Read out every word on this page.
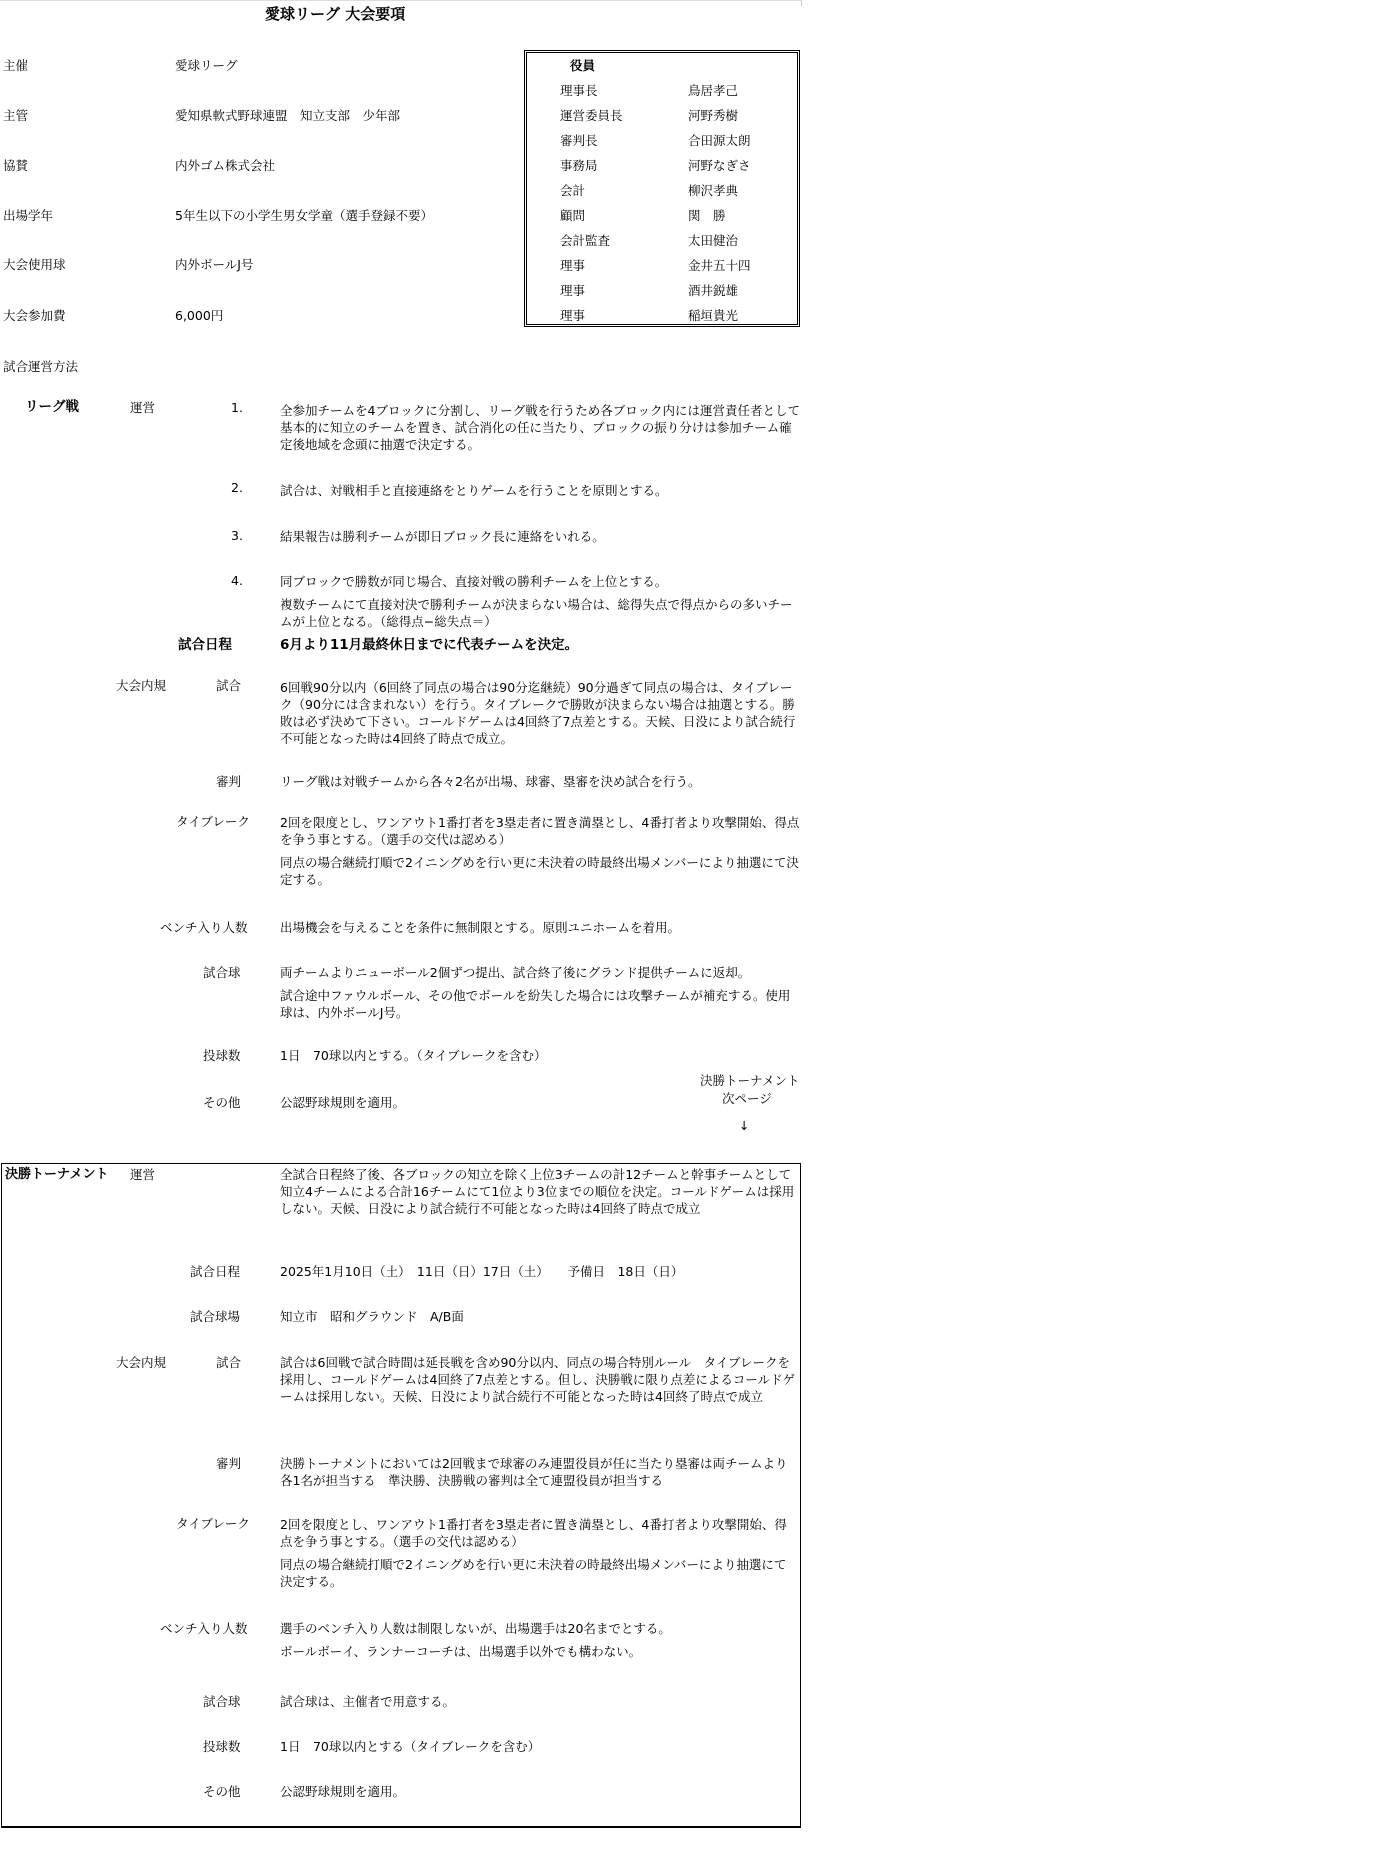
愛球リーグ 大会要項
主催	愛球リーグ
主管	愛知県軟式野球連盟　知立支部　少年部
協賛	内外ゴム株式会社
出場学年	5年生以下の小学生男女学童（選手登録不要）
大会使用球	内外ボールJ号
大会参加費	6,000円
役員
理事長	鳥居孝己
運営委員長	河野秀樹
審判長	合田源太朗
事務局	河野なぎさ
会計	柳沢孝典
顧問	関　勝
会計監査	太田健治
理事	金井五十四
理事	酒井鋭雄
理事	稲垣貴光
試合運営方法
リーグ戦	運営	1.	全参加チームを4ブロックに分割し、リーグ戦を行うため各ブロック内には運営責任者として基本的に知立のチームを置き、試合消化の任に当たり、ブロックの振り分けは参加チーム確定後地域を念頭に抽選で決定する。
2.	試合は、対戦相手と直接連絡をとりゲームを行うことを原則とする。
3.	結果報告は勝利チームが即日ブロック長に連絡をいれる。
4.	同ブロックで勝数が同じ場合、直接対戦の勝利チームを上位とする。
複数チームにて直接対決で勝利チームが決まらない場合は、総得失点で得点からの多いチームが上位となる。（総得点−総失点＝）
試合日程	6月より11月最終休日までに代表チームを決定。
大会内規	試合	6回戦90分以内（6回終了同点の場合は90分迄継続）90分過ぎて同点の場合は、タイブレーク（90分には含まれない）を行う。タイブレークで勝敗が決まらない場合は抽選とする。勝敗は必ず決めて下さい。コールドゲームは4回終了7点差とする。天候、日没により試合続行不可能となった時は4回終了時点で成立。
審判	リーグ戦は対戦チームから各々2名が出場、球審、塁審を決め試合を行う。
タイブレーク 2回を限度とし、ワンアウト1番打者を3塁走者に置き満塁とし、4番打者より攻撃開始、得点を争う事とする。（選手の交代は認める）
同点の場合継続打順で2イニングめを行い更に未決着の時最終出場メンバーにより抽選にて決定する。
ベンチ入り人数	出場機会を与えることを条件に無制限とする。原則ユニホームを着用。
試合球	両チームよりニューボール2個ずつ提出、試合終了後にグランド提供チームに返却。
試合途中ファウルボール、その他でボールを紛失した場合には攻撃チームが補充する。使用球は、内外ボールJ号。
投球数	1日　70球以内とする。（タイブレークを含む）
決勝トーナメント
次ページ
↓
その他	公認野球規則を適用。
決勝トーナメント 運営	全試合日程終了後、各ブロックの知立を除く上位3チームの計12チームと幹事チームとして知立4チームによる合計16チームにて1位より3位までの順位を決定。コールドゲームは採用しない。天候、日没により試合続行不可能となった時は4回終了時点で成立
試合日程	2025年1月10日（土）　11日（日）17日（土）　　予備日　18日（日）
試合球場	知立市　昭和グラウンド　A/B面
大会内規	試合	試合は6回戦で試合時間は延長戦を含め90分以内、同点の場合特別ルール　タイブレークを採用し、コールドゲームは4回終了7点差とする。但し、決勝戦に限り点差によるコールドゲームは採用しない。天候、日没により試合続行不可能となった時は4回終了時点で成立
審判	決勝トーナメントにおいては2回戦まで球審のみ連盟役員が任に当たり塁審は両チームより各1名が担当する　準決勝、決勝戦の審判は全て連盟役員が担当する
タイブレーク 2回を限度とし、ワンアウト1番打者を3塁走者に置き満塁とし、4番打者より攻撃開始、得点を争う事とする。（選手の交代は認める）
同点の場合継続打順で2イニングめを行い更に未決着の時最終出場メンバーにより抽選にて決定する。
ベンチ入り人数	選手のベンチ入り人数は制限しないが、出場選手は20名までとする。
ボールボーイ、ランナーコーチは、出場選手以外でも構わない。
試合球	試合球は、主催者で用意する。
投球数	1日　70球以内とする（タイブレークを含む）
その他	公認野球規則を適用。
